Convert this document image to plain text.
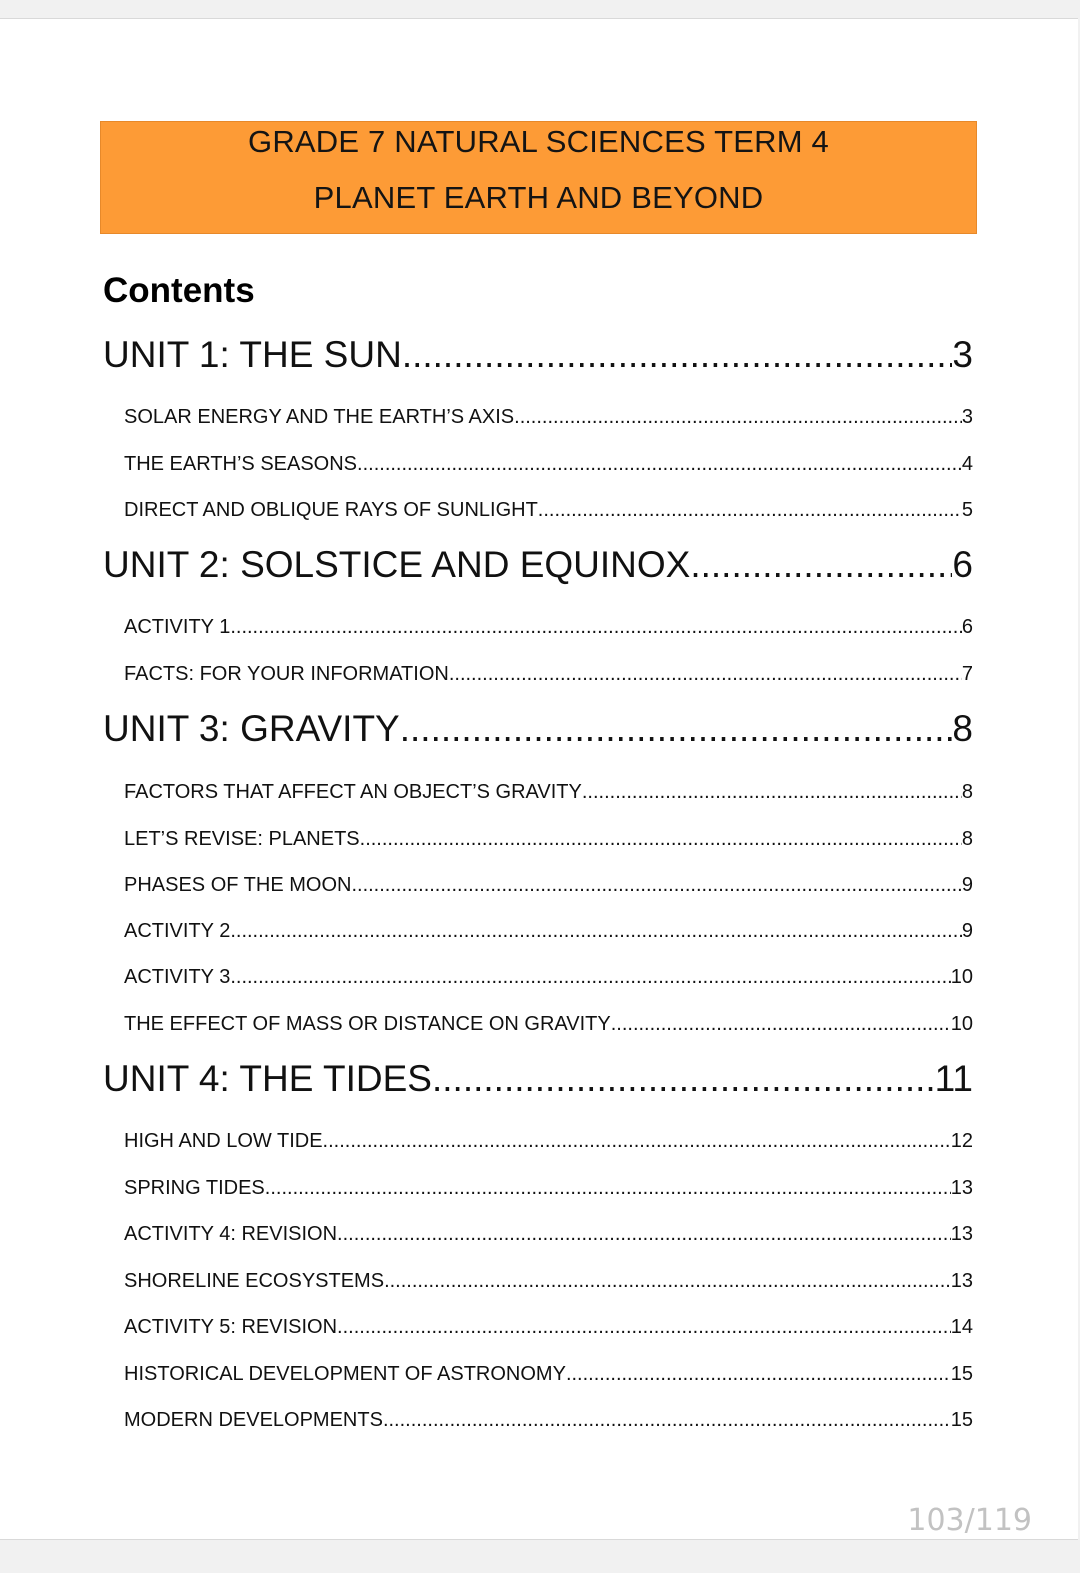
GRADE 7 NATURAL SCIENCES TERM 4
PLANET EARTH AND BEYOND
Contents
UNIT 1: THE SUN .....	3
SOLAR ENERGY AND THE EARTH’S AXIS .....	3
THE EARTH’S SEASONS .....	4
DIRECT AND OBLIQUE RAYS OF SUNLIGHT .....	5
UNIT 2: SOLSTICE AND EQUINOX .....	6
ACTIVITY 1 .....	6
FACTS: FOR YOUR INFORMATION .....	7
UNIT 3: GRAVITY .....	8
FACTORS THAT AFFECT AN OBJECT’S GRAVITY .....	8
LET’S REVISE: PLANETS .....	8
PHASES OF THE MOON .....	9
ACTIVITY 2 .....	9
ACTIVITY 3 .....	10
THE EFFECT OF MASS OR DISTANCE ON GRAVITY .....	10
UNIT 4: THE TIDES .....	11
HIGH AND LOW TIDE .....	12
SPRING TIDES .....	13
ACTIVITY 4: REVISION .....	13
SHORELINE ECOSYSTEMS .....	13
ACTIVITY 5: REVISION .....	14
HISTORICAL DEVELOPMENT OF ASTRONOMY .....	15
MODERN DEVELOPMENTS .....	15
103/119
